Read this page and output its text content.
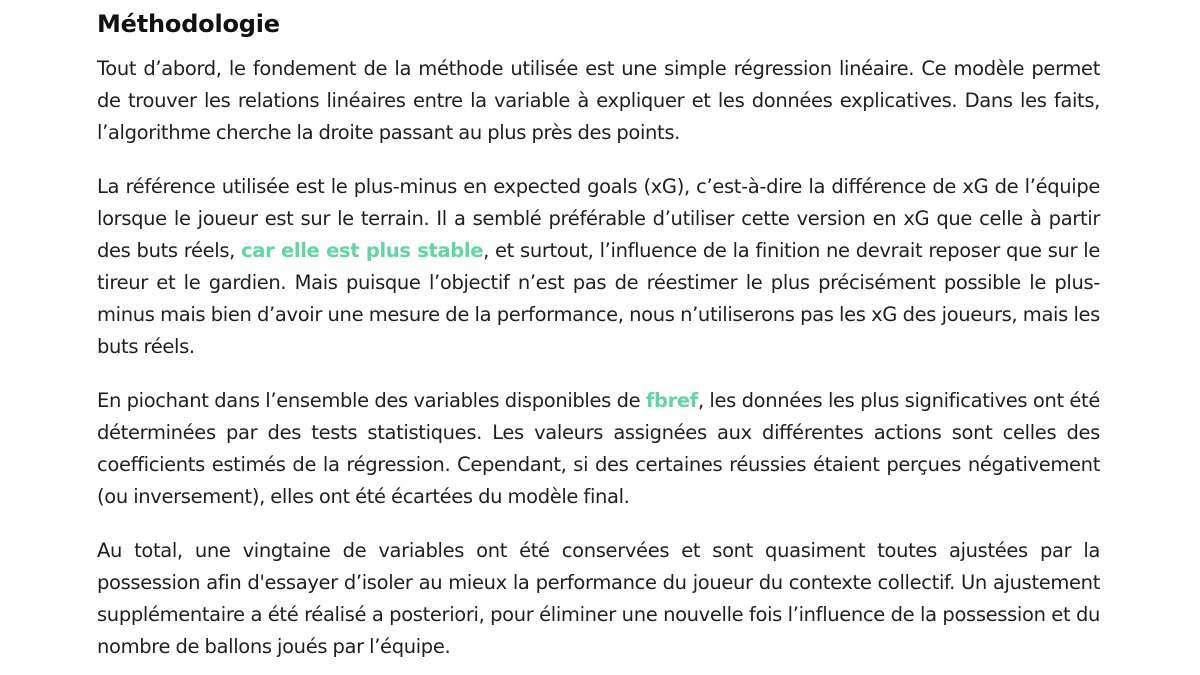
Méthodologie

Tout d’abord, le fondement de la méthode utilisée est une simple régression linéaire. Ce modèle permet de trouver les relations linéaires entre la variable à expliquer et les données explicatives. Dans les faits, l’algorithme cherche la droite passant au plus près des points.

La référence utilisée est le plus-minus en expected goals (xG), c’est-à-dire la différence de xG de l’équipe lorsque le joueur est sur le terrain. Il a semblé préférable d’utiliser cette version en xG que celle à partir des buts réels, car elle est plus stable, et surtout, l’influence de la finition ne devrait reposer que sur le tireur et le gardien. Mais puisque l’objectif n’est pas de réestimer le plus précisément possible le plus-minus mais bien d’avoir une mesure de la performance, nous n’utiliserons pas les xG des joueurs, mais les buts réels.

En piochant dans l’ensemble des variables disponibles de fbref, les données les plus significatives ont été déterminées par des tests statistiques. Les valeurs assignées aux différentes actions sont celles des coefficients estimés de la régression. Cependant, si des certaines réussies étaient perçues négativement (ou inversement), elles ont été écartées du modèle final.

Au total, une vingtaine de variables ont été conservées et sont quasiment toutes ajustées par la possession afin d'essayer d’isoler au mieux la performance du joueur du contexte collectif. Un ajustement supplémentaire a été réalisé a posteriori, pour éliminer une nouvelle fois l’influence de la possession et du nombre de ballons joués par l’équipe.
